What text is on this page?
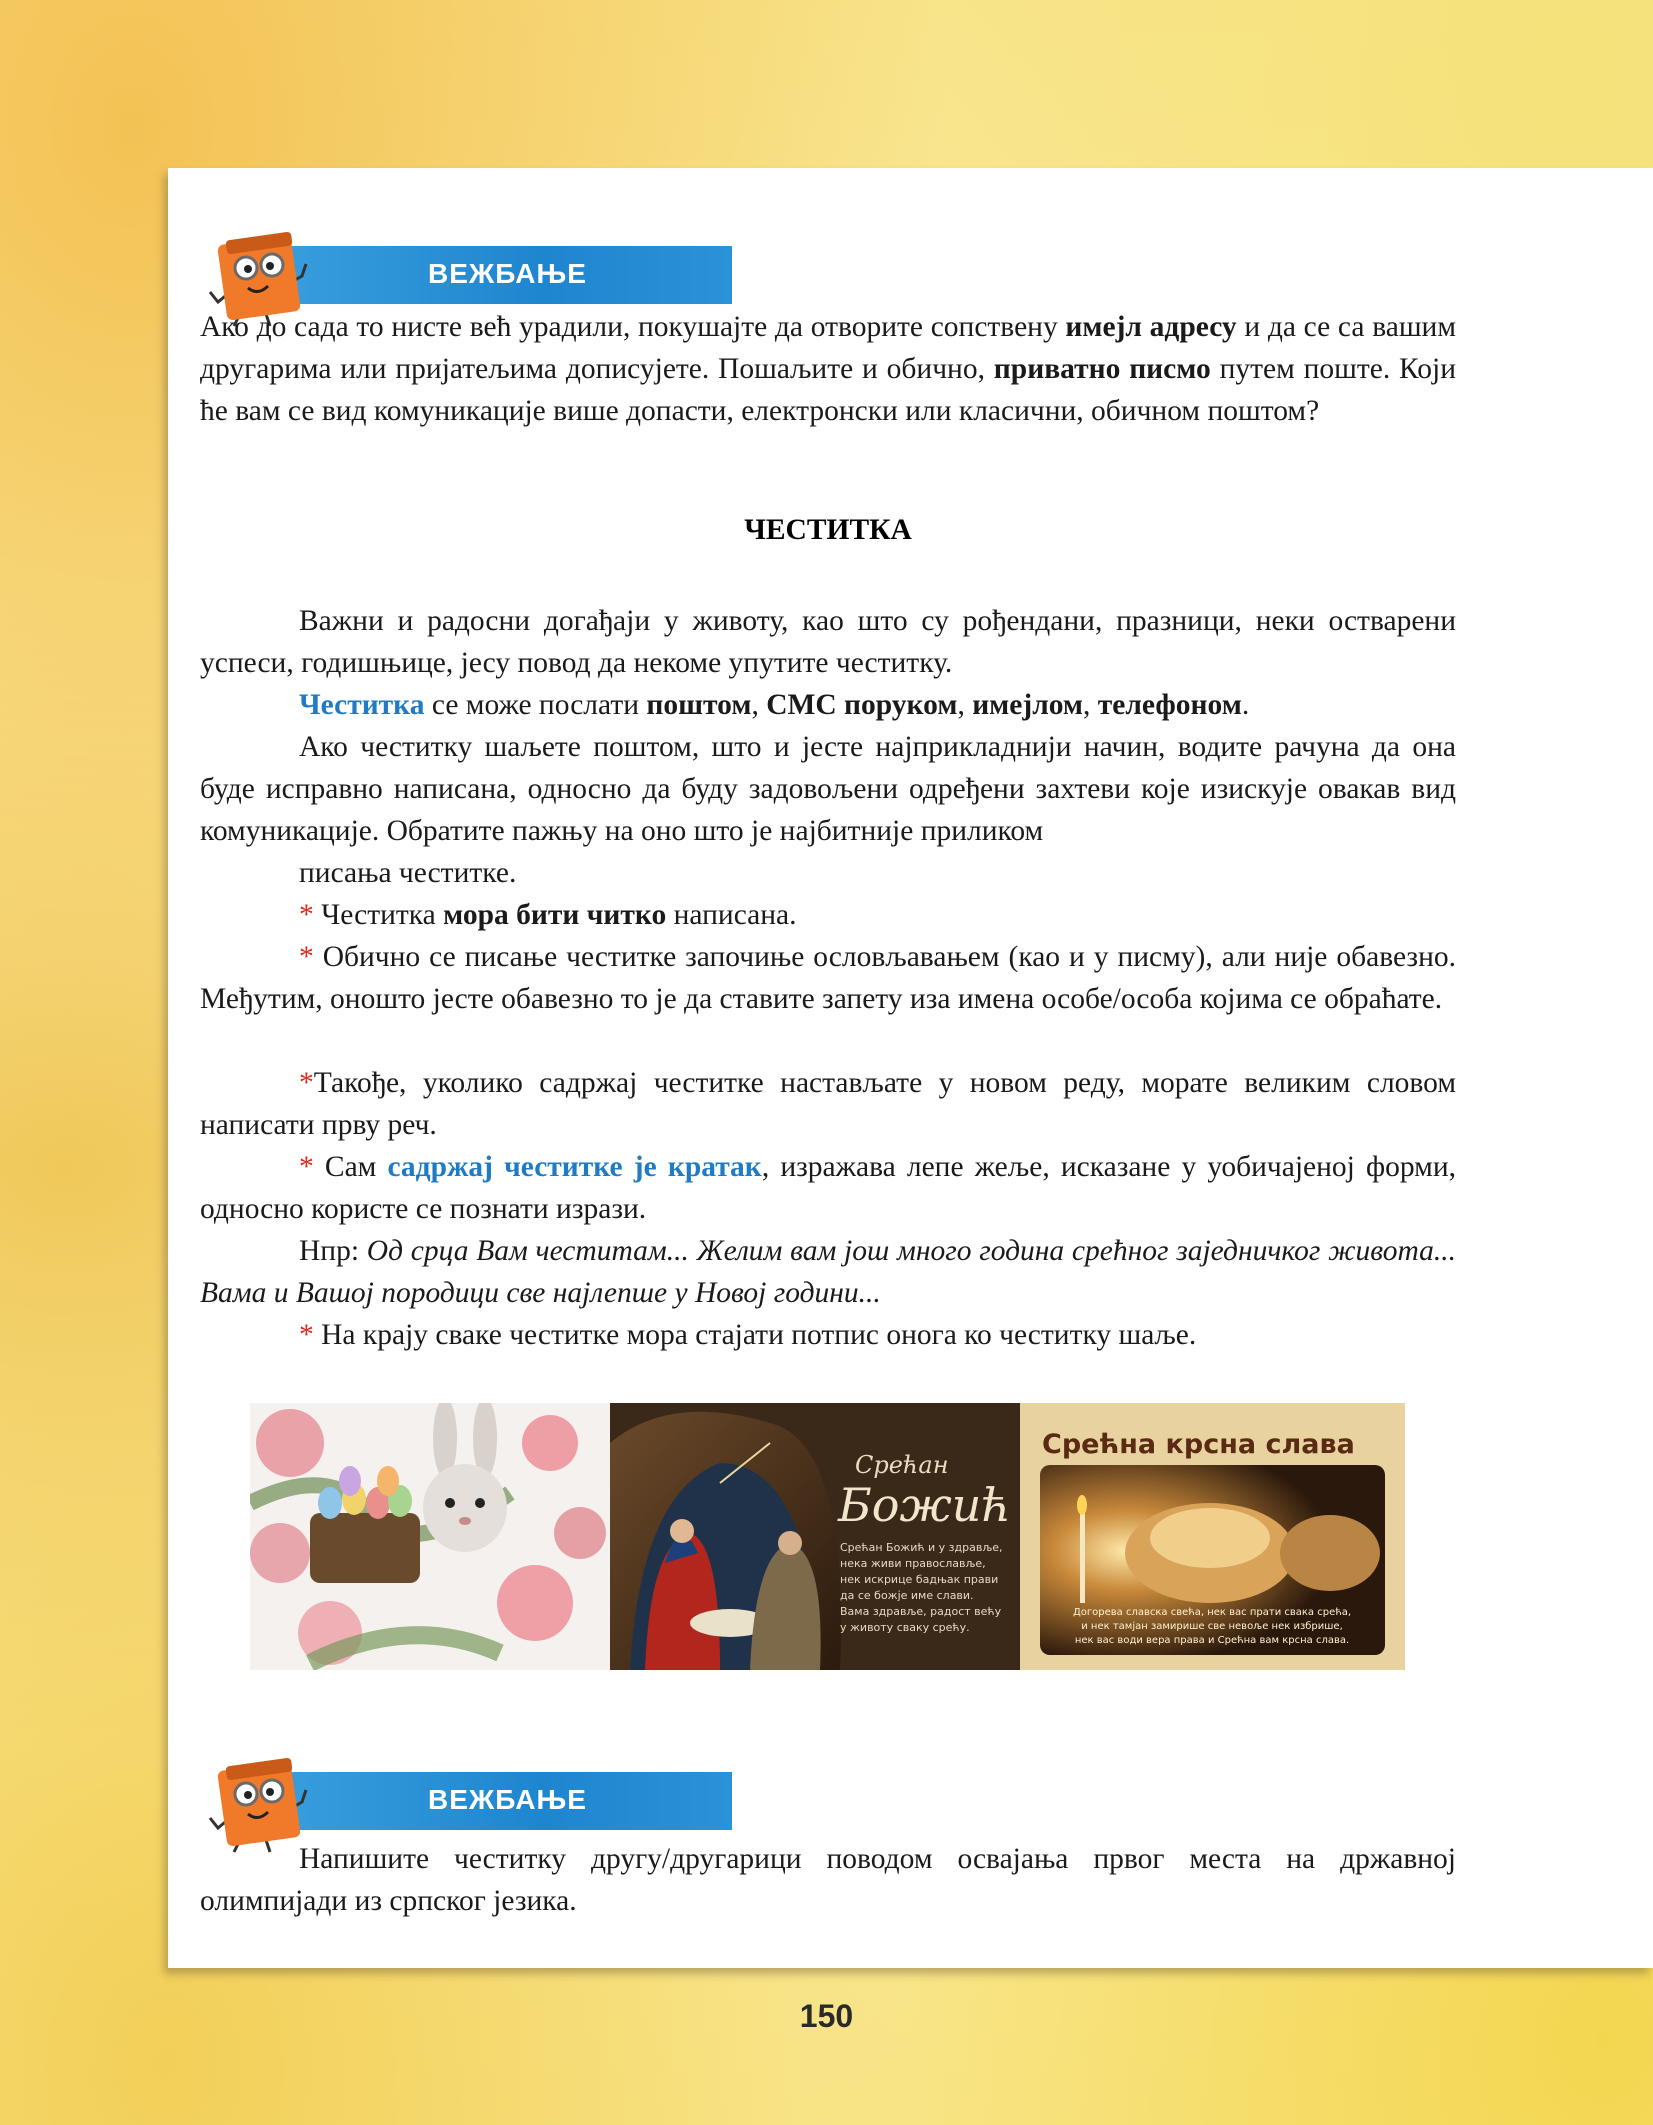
ВЕЖБАЊЕ
Ако до сада то нисте већ урадили, покушајте да отворите сопствену имејл адресу и да се са вашим другарима или пријатељима дописујете. Пошаљите и обично, приватно писмо путем поште. Који ће вам се вид комуникације више допасти, електронски или класични, обичном поштом?
ЧЕСТИТКА
Важни и радосни догађаји у животу, као што су рођендани, празници, неки остварени успеси, годишњице, јесу повод да некоме упутите честитку.
Честитка се може послати поштом, СМС поруком, имејлом, телефоном.
Ако честитку шаљете поштом, што и јесте најприкладнији начин, водите рачуна да она буде исправно написана, односно да буду задовољени одређени захтеви које изискује овакав вид комуникације. Обратите пажњу на оно што је најбитније приликом
писања честитке.
* Честитка мора бити читко написана.
* Обично се писање честитке започиње ословљавањем (као и у писму), али није обавезно. Међутим, оношто јесте обавезно то је да ставите запету иза имена особе/особа којима се обраћате.
*Такође, уколико садржај честитке настављате у новом реду, морате великим словом написати прву реч.
* Сам садржај честитке је кратак, изражава лепе жеље, исказане у уобичајеној форми, односно користе се познати изрази.
Нпр: Од срца Вам честитам... Желим вам још много година срећног заједничког живота... Вама и Вашој породици све најлепше у Новој години...
* На крају сваке честитке мора стајати потпис онога ко честитку шаље.
Срећан
Божић
Срећан Божић и у здравље,
нека живи православље,
нек искрице бадњак прави
да се божје име слави.
Вама здравље, радост већу
у животу сваку срећу.
Срећна крсна слава
Догорева славска свећа, нек вас прати свака срећа,
и нек тамјан замирише све невоље нек избрише,
нек вас води вера права и Срећна вам крсна слава.
ВЕЖБАЊЕ
Напишите честитку другу/другарици поводом освајања првог места на државној олимпијади из српског језика.
150
